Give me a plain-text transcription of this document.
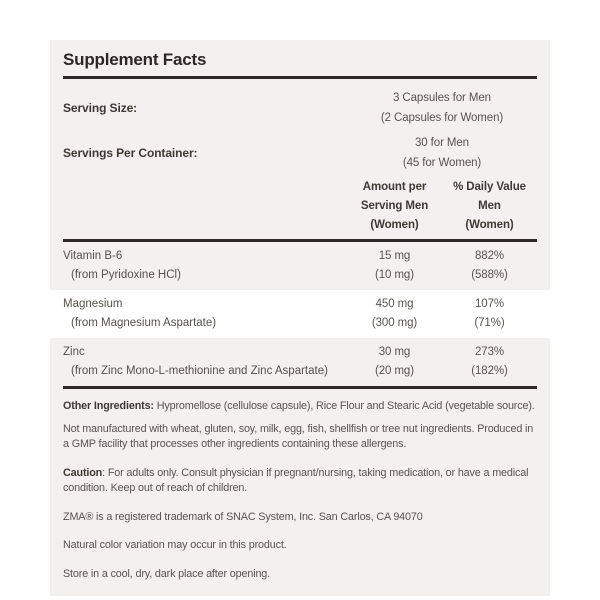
Supplement Facts
Serving Size:
3 Capsules for Men
(2 Capsules for Women)
Servings Per Container:
30 for Men
(45 for Women)
Amount per
Serving Men
(Women)
% Daily Value
Men
(Women)
Vitamin B-6
(from Pyridoxine HCl)
15 mg
(10 mg)
882%
(588%)
Magnesium
(from Magnesium Aspartate)
450 mg
(300 mg)
107%
(71%)
Zinc
(from Zinc Mono-L-methionine and Zinc Aspartate)
30 mg
(20 mg)
273%
(182%)

Other Ingredients: Hypromellose (cellulose capsule), Rice Flour and Stearic Acid (vegetable source).

Not manufactured with wheat, gluten, soy, milk, egg, fish, shellfish or tree nut ingredients. Produced in a GMP facility that processes other ingredients containing these allergens.

Caution: For adults only. Consult physician if pregnant/nursing, taking medication, or have a medical condition. Keep out of reach of children.

ZMA® is a registered trademark of SNAC System, Inc. San Carlos, CA 94070

Natural color variation may occur in this product.

Store in a cool, dry, dark place after opening.
